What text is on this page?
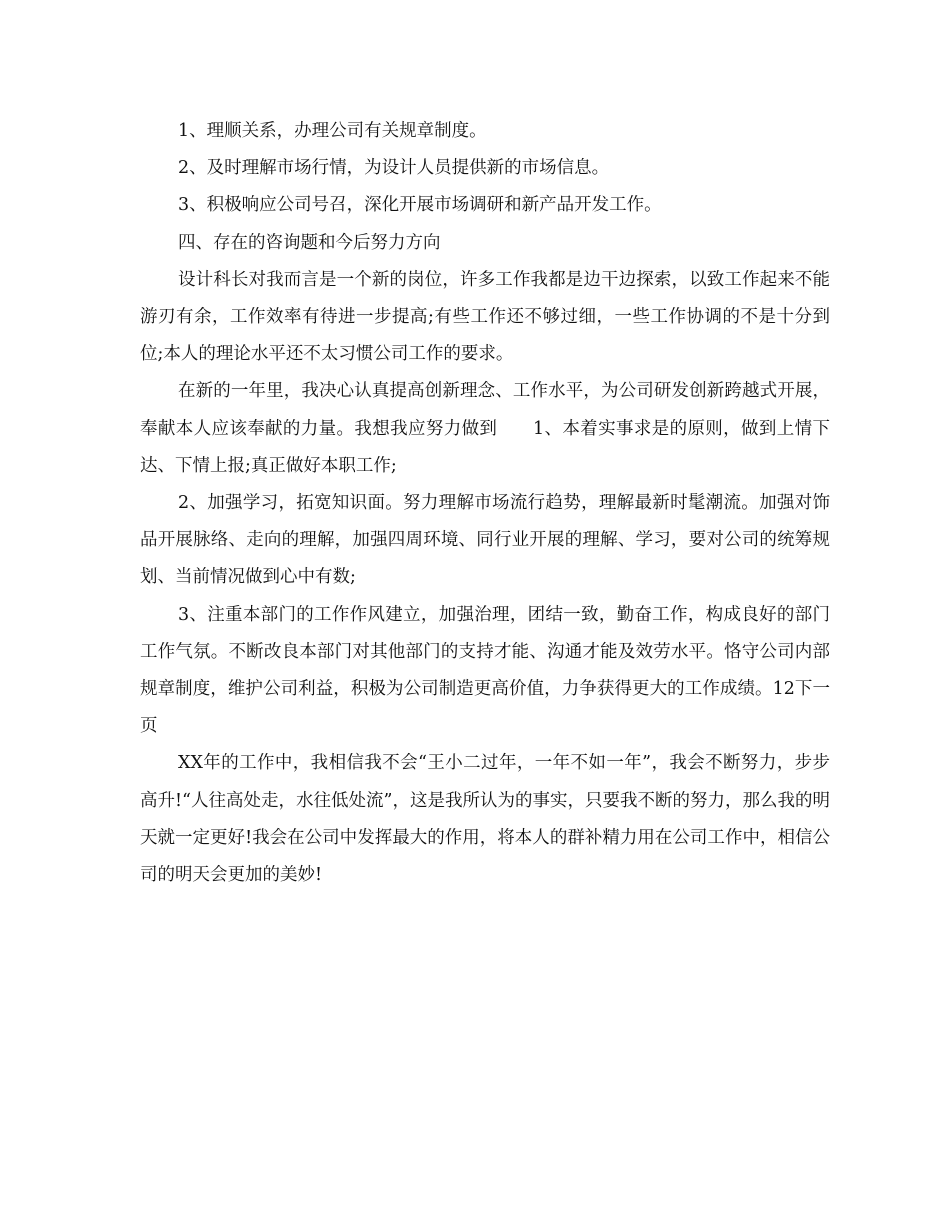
1、理顺关系，办理公司有关规章制度。

2、及时理解市场行情，为设计人员提供新的市场信息。

3、积极响应公司号召，深化开展市场调研和新产品开发工作。

四、存在的咨询题和今后努力方向

设计科长对我而言是一个新的岗位，许多工作我都是边干边探索，以致工作起来不能游刃有余，工作效率有待进一步提高;有些工作还不够过细，一些工作协调的不是十分到位;本人的理论水平还不太习惯公司工作的要求。

在新的一年里，我决心认真提高创新理念、工作水平，为公司研发创新跨越式开展，奉献本人应该奉献的力量。我想我应努力做到　　1、本着实事求是的原则，做到上情下达、下情上报;真正做好本职工作;

2、加强学习，拓宽知识面。努力理解市场流行趋势，理解最新时髦潮流。加强对饰品开展脉络、走向的理解，加强四周环境、同行业开展的理解、学习，要对公司的统筹规划、当前情况做到心中有数;

3、注重本部门的工作作风建立，加强治理，团结一致，勤奋工作，构成良好的部门工作气氛。不断改良本部门对其他部门的支持才能、沟通才能及效劳水平。恪守公司内部规章制度，维护公司利益，积极为公司制造更高价值，力争获得更大的工作成绩。12下一页

XX年的工作中，我相信我不会“王小二过年，一年不如一年”，我会不断努力，步步高升!“人往高处走，水往低处流”，这是我所认为的事实，只要我不断的努力，那么我的明天就一定更好!我会在公司中发挥最大的作用，将本人的群补精力用在公司工作中，相信公司的明天会更加的美妙!
